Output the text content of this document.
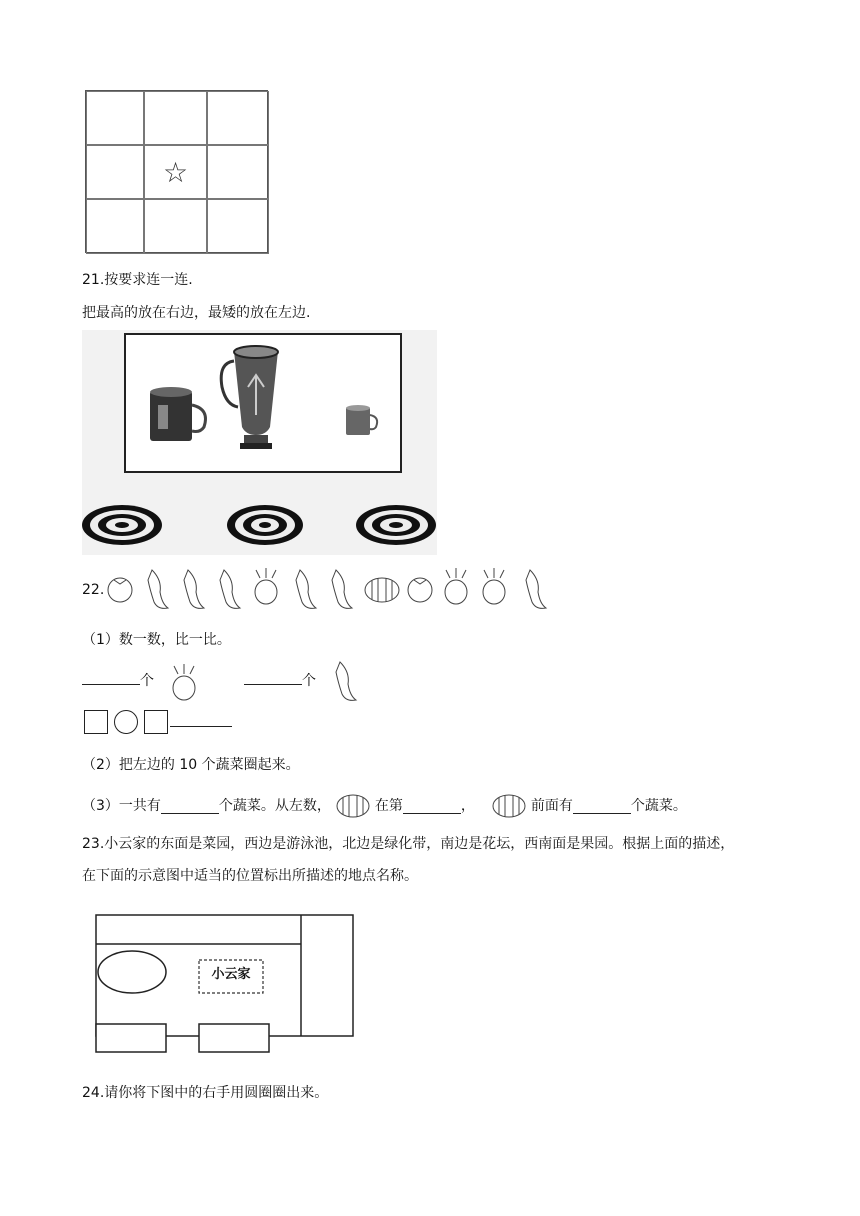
☆
21.按要求连一连.
把最高的放在右边，最矮的放在左边.
22.
（1）数一数，比一比。
个	个
（2）把左边的 10 个蔬菜圈起来。
（3）一共有	个蔬菜。从左数，	在第	，	前面有	个蔬菜。
23.小云家的东面是菜园，西边是游泳池，北边是绿化带，南边是花坛，西南面是果园。根据上面的描述，
在下面的示意图中适当的位置标出所描述的地点名称。
小云家
24.请你将下图中的右手用圆圈圈出来。
